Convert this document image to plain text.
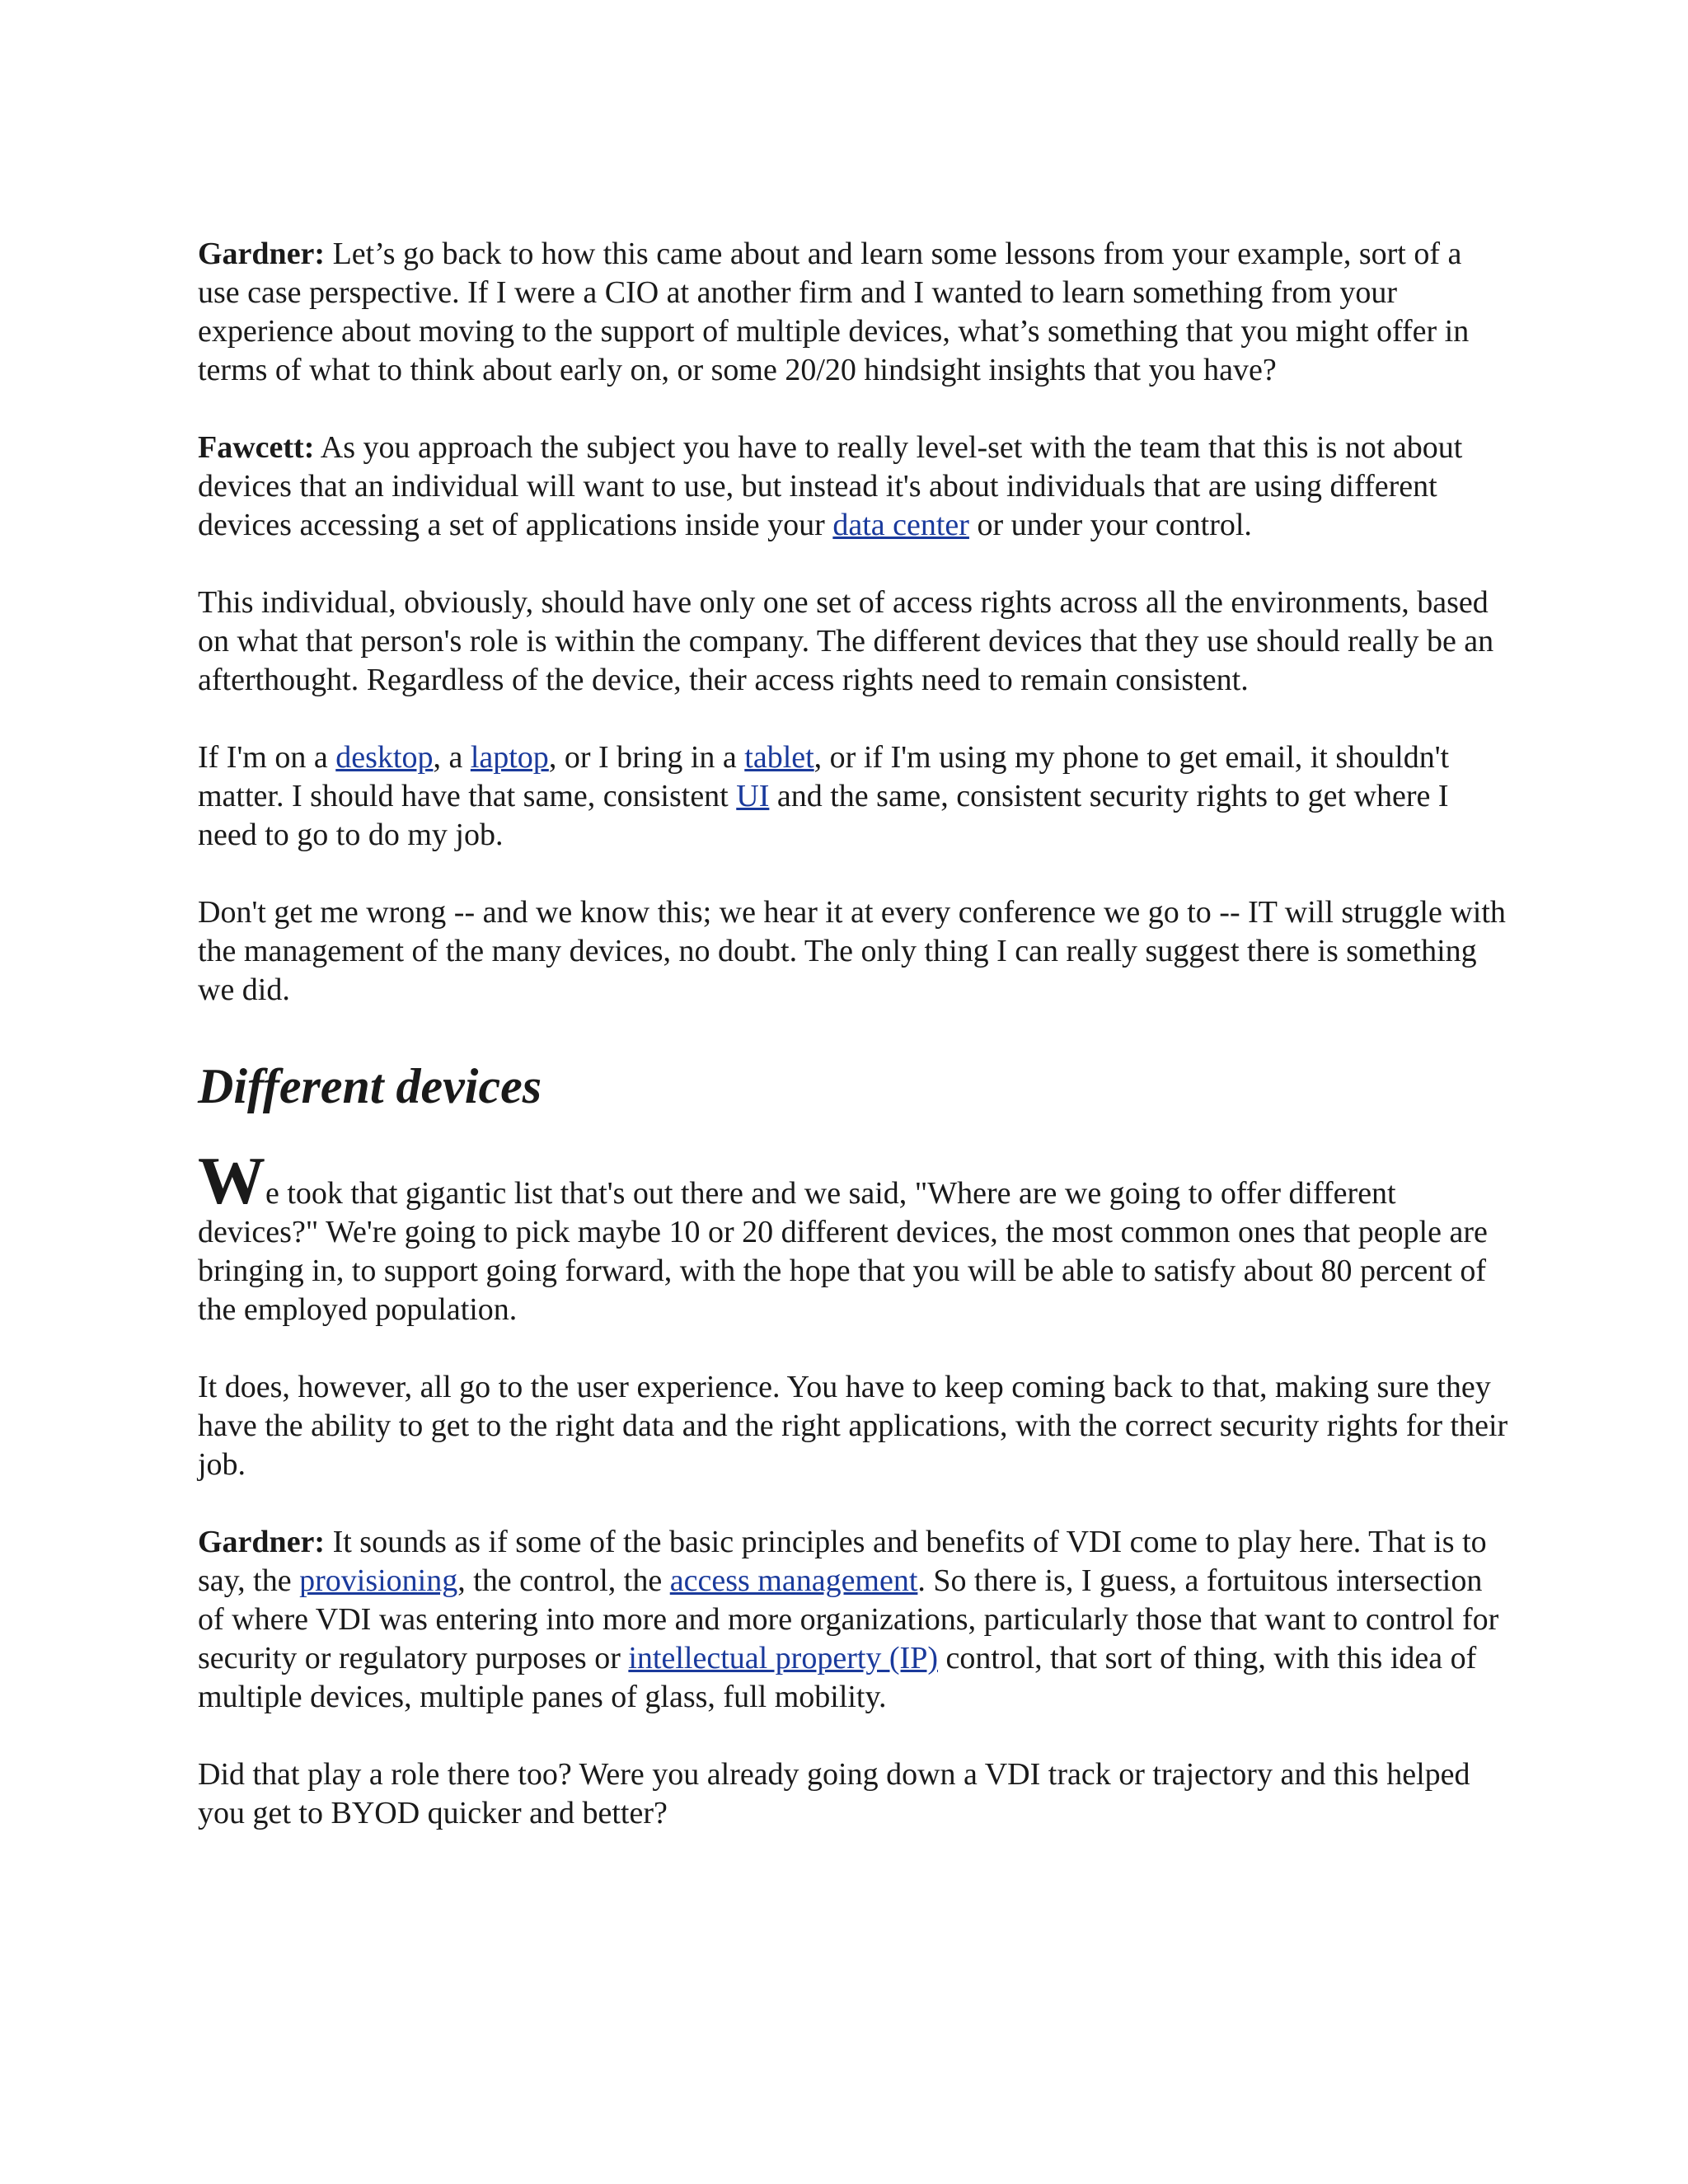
Gardner: Let’s go back to how this came about and learn some lessons from your example, sort of a use case perspective. If I were a CIO at another firm and I wanted to learn something from your experience about moving to the support of multiple devices, what’s something that you might offer in terms of what to think about early on, or some 20/20 hindsight insights that you have?

Fawcett: As you approach the subject you have to really level-set with the team that this is not about devices that an individual will want to use, but instead it's about individuals that are using different devices accessing a set of applications inside your data center or under your control.

This individual, obviously, should have only one set of access rights across all the environments, based on what that person's role is within the company. The different devices that they use should really be an afterthought. Regardless of the device, their access rights need to remain consistent.

If I'm on a desktop, a laptop, or I bring in a tablet, or if I'm using my phone to get email, it shouldn't matter. I should have that same, consistent UI and the same, consistent security rights to get where I need to go to do my job.

Don't get me wrong -- and we know this; we hear it at every conference we go to -- IT will struggle with the management of the many devices, no doubt. The only thing I can really suggest there is something we did.

Different devices

We took that gigantic list that's out there and we said, "Where are we going to offer different devices?" We're going to pick maybe 10 or 20 different devices, the most common ones that people are bringing in, to support going forward, with the hope that you will be able to satisfy about 80 percent of the employed population.

It does, however, all go to the user experience. You have to keep coming back to that, making sure they have the ability to get to the right data and the right applications, with the correct security rights for their job.

Gardner: It sounds as if some of the basic principles and benefits of VDI come to play here. That is to say, the provisioning, the control, the access management. So there is, I guess, a fortuitous intersection of where VDI was entering into more and more organizations, particularly those that want to control for security or regulatory purposes or intellectual property (IP) control, that sort of thing, with this idea of multiple devices, multiple panes of glass, full mobility.

Did that play a role there too? Were you already going down a VDI track or trajectory and this helped you get to BYOD quicker and better?
